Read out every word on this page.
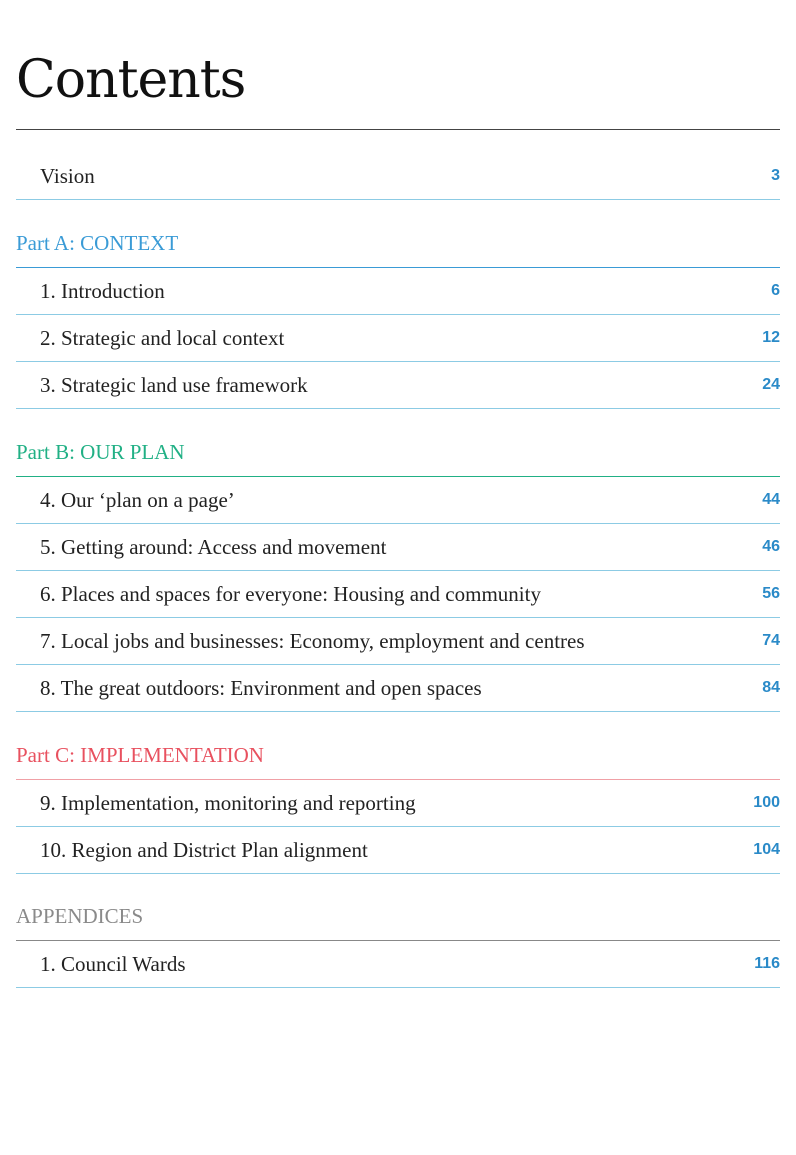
Contents
Vision	3
Part A: CONTEXT
1. Introduction	6
2. Strategic and local context	12
3. Strategic land use framework	24
Part B: OUR PLAN
4. Our ‘plan on a page’	44
5. Getting around: Access and movement	46
6. Places and spaces for everyone: Housing and community	56
7. Local jobs and businesses: Economy, employment and centres	74
8. The great outdoors: Environment and open spaces	84
Part C: IMPLEMENTATION
9. Implementation, monitoring and reporting	100
10. Region and District Plan alignment	104
APPENDICES
1. Council Wards	116
